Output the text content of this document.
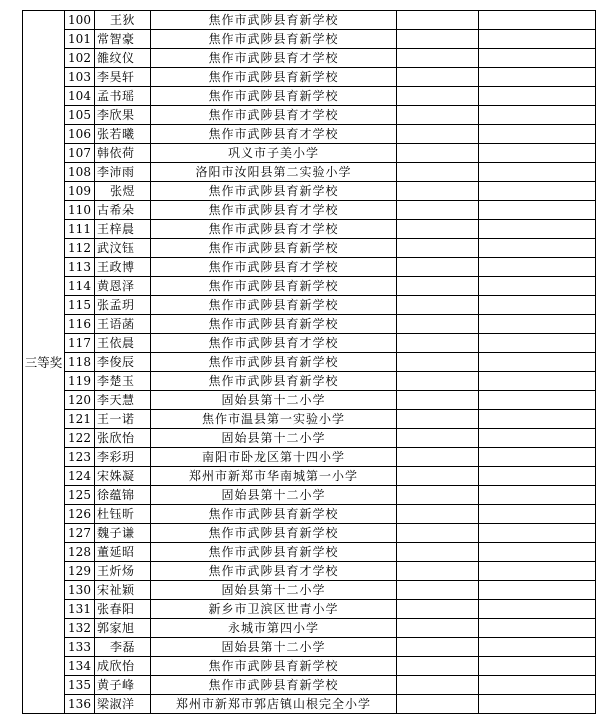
三等奖	100	王狄	焦作市武陟县育新学校		
	101	常智豪	焦作市武陟县育新学校		
	102	雒纹仪	焦作市武陟县育才学校		
	103	李昊轩	焦作市武陟县育新学校		
	104	孟书瑶	焦作市武陟县育新学校		
	105	李欣果	焦作市武陟县育才学校		
	106	张若曦	焦作市武陟县育才学校		
	107	韩依荷	巩义市子美小学		
	108	李沛雨	洛阳市汝阳县第二实验小学		
	109	张煜	焦作市武陟县育新学校		
	110	古希朵	焦作市武陟县育才学校		
	111	王梓晨	焦作市武陟县育才学校		
	112	武汶钰	焦作市武陟县育新学校		
	113	王政博	焦作市武陟县育才学校		
	114	黄恩泽	焦作市武陟县育新学校		
	115	张孟玥	焦作市武陟县育新学校		
	116	王语菡	焦作市武陟县育新学校		
	117	王依晨	焦作市武陟县育才学校		
	118	李俊辰	焦作市武陟县育新学校		
	119	李楚玉	焦作市武陟县育新学校		
	120	李天慧	固始县第十二小学		
	121	王一诺	焦作市温县第一实验小学		
	122	张欣怡	固始县第十二小学		
	123	李彩玥	南阳市卧龙区第十四小学		
	124	宋姝凝	郑州市新郑市华南城第一小学		
	125	徐蕴锦	固始县第十二小学		
	126	杜钰昕	焦作市武陟县育新学校		
	127	魏子谦	焦作市武陟县育新学校		
	128	董延昭	焦作市武陟县育新学校		
	129	王炘炀	焦作市武陟县育才学校		
	130	宋祉颖	固始县第十二小学		
	131	张春阳	新乡市卫滨区世青小学		
	132	郭家旭	永城市第四小学		
	133	李磊	固始县第十二小学		
	134	成欣怡	焦作市武陟县育新学校		
	135	黄子峰	焦作市武陟县育新学校		
	136	梁淑洋	郑州市新郑市郭店镇山根完全小学		
